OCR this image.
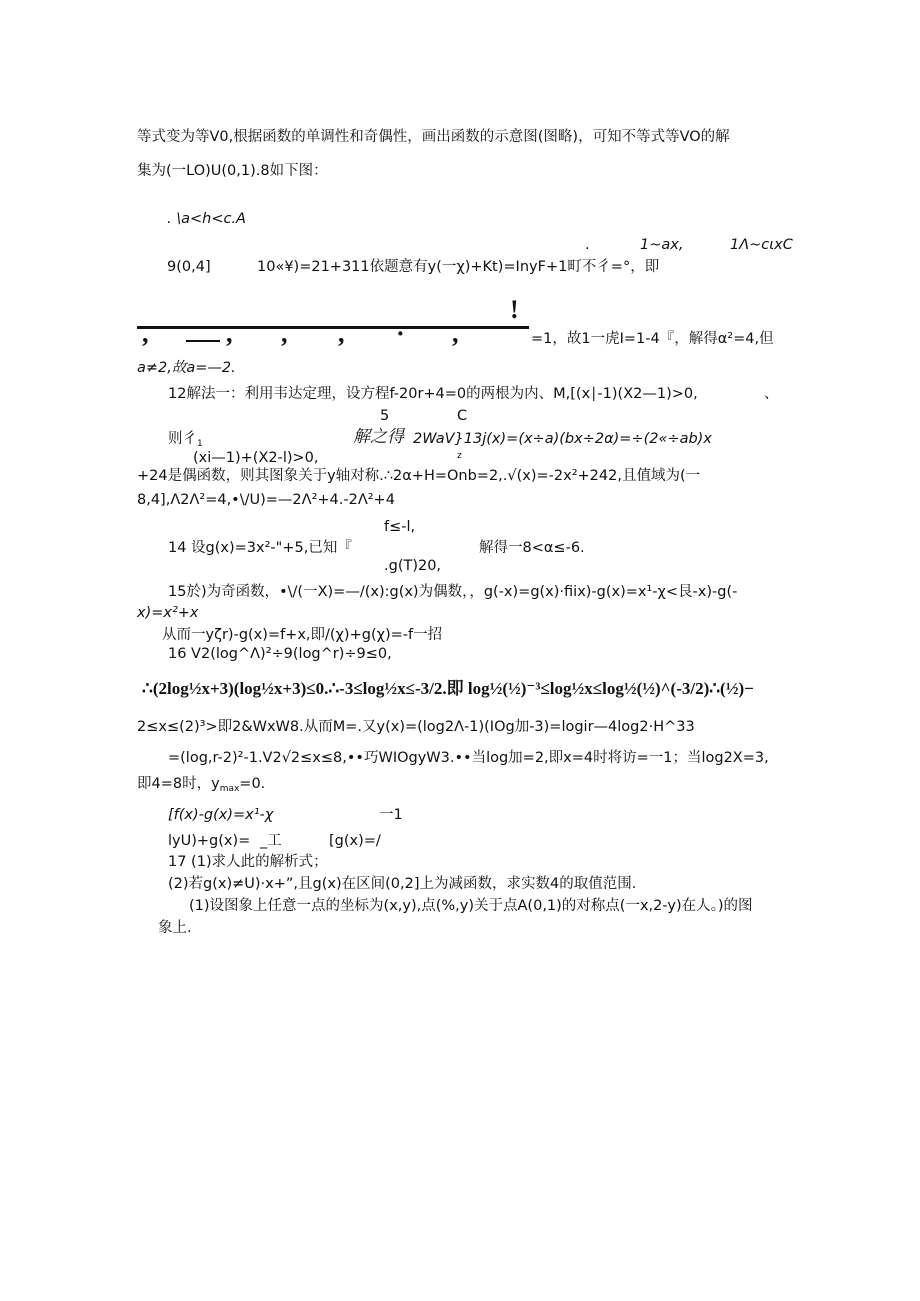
等式变为等V0,根据函数的单调性和奇偶性，画出函数的示意图(图略)，可知不等式等VO的解
集为(一LO)U(0,1).8如下图：
. \a<h<c.A
.	1~ax,	1Λ~cιxC
9(0,4]	10«¥)=21+311依题意有y(一χ)+Kt)=InyF+1町不彳=°，即
!
,	, , , · ,	=1，故1一虎I=1-4『，解得α²=4,但
a≠2,故a=—2.
12解法一：利用韦达定理，设方程f-20r+4=0的两根为内、M,[(x∣-1)(X2—1)>0,	、
5	C
则彳$_1$	解之得 2WaV}13j(x)=(x÷a)(bx÷2α)=÷(2«÷ab)x
(xi—1)+(X2-l)>0,	z
+24是偶函数，则其图象关于y轴对称.∴2α+H=Onb=2,.√(x)=-2x²+242,且值域为(一
8,4],Λ2Λ²=4,•\/U)=—2Λ²+4.-2Λ²+4
f≤-l,
14 设g(x)=3x²-"+5,已知『	解得一8<α≤-6.
.g(T)20,
15於)为奇函数，•\/(一X)=—/(x):g(x)为偶数，，g(-x)=g(x)·fiix)-g(x)=x¹-χ<艮-x)-g(-
x)=x²+x
从而一yζr)-g(x)=f+x,即∕(χ)+g(χ)=-f一招
16 V2(log^Λ)²÷9(log^r)÷9≤0,
∴(2log½x+3)(log½x+3)≤0.∴-3≤log½x≤-3/2.即 log½(½)⁻³≤log½x≤log½(½)^(-3/2)∴(½)−
2≤x≤(2)³>即2&WxW8.从而M=.又y(x)=(log2Λ-1)(IOg加-3)=logir—4log2·H^33
=(log,r-2)²-1.V2√2≤x≤8,••巧WIOgyW3.••当log加=2,即x=4时将访=一1；当log2X=3,
即4=8时，$y_{max}=0$.
[f(x)-g(x)=x¹-χ	一1
lyU)+g(x)= _工	[g(x)=/
17 (1)求人此的解析式；
(2)若g(x)≠U)·x+”,且g(x)在区间(0,2]上为减函数，求实数4的取值范围.
(1)设图象上任意一点的坐标为(x,y),点(%,y)关于点A(0,1)的对称点(一x,2-y)在人。)的图
象上.
